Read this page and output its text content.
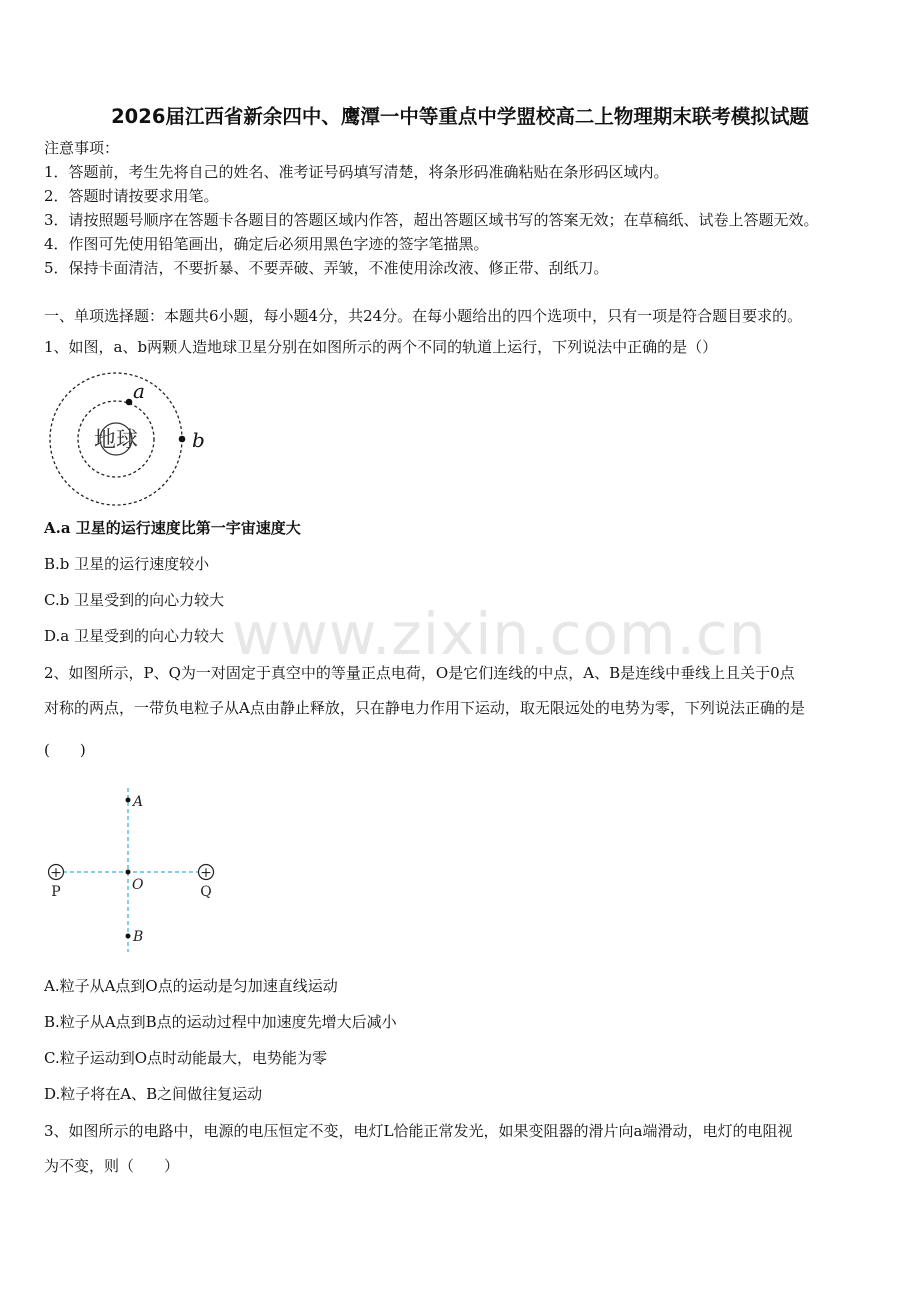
2026届江西省新余四中、鹰潭一中等重点中学盟校高二上物理期末联考模拟试题
注意事项：
1．答题前，考生先将自己的姓名、准考证号码填写清楚，将条形码准确粘贴在条形码区域内。
2．答题时请按要求用笔。
3．请按照题号顺序在答题卡各题目的答题区域内作答，超出答题区域书写的答案无效；在草稿纸、试卷上答题无效。
4．作图可先使用铅笔画出，确定后必须用黑色字迹的签字笔描黑。
5．保持卡面清洁，不要折暴、不要弄破、弄皱，不准使用涂改液、修正带、刮纸刀。
一、单项选择题：本题共6小题，每小题4分，共24分。在每小题给出的四个选项中，只有一项是符合题目要求的。
1、如图，a、b两颗人造地球卫星分别在如图所示的两个不同的轨道上运行，下列说法中正确的是（）
地球
a
b
A.a 卫星的运行速度比第一宇宙速度大
B.b 卫星的运行速度较小
C.b 卫星受到的向心力较大
D.a 卫星受到的向心力较大 www.zixin.com.cn
2、如图所示，P、Q为一对固定于真空中的等量正点电荷，O是它们连线的中点，A、B是连线中垂线上且关于0点
对称的两点，一带负电粒子从A点由静止释放，只在静电力作用下运动，取无限远处的电势为零，下列说法正确的是
(　　)
+	+
P	Q
A
O
B
A.粒子从A点到O点的运动是匀加速直线运动
B.粒子从A点到B点的运动过程中加速度先增大后减小
C.粒子运动到O点时动能最大，电势能为零
D.粒子将在A、B之间做往复运动
3、如图所示的电路中，电源的电压恒定不变，电灯L恰能正常发光，如果变阻器的滑片向a端滑动，电灯的电阻视
为不变，则（　　）
